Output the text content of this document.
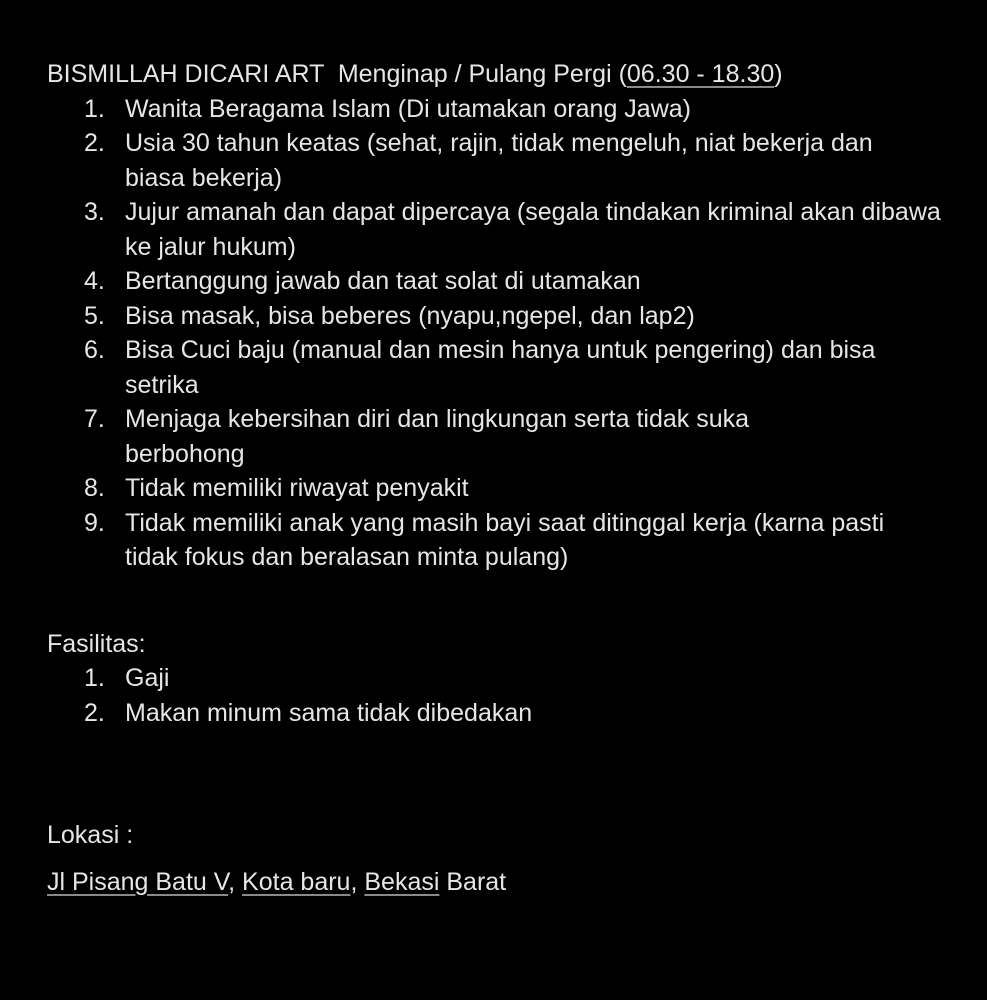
BISMILLAH DICARI ART  Menginap / Pulang Pergi (06.30 - 18.30)
1. Wanita Beragama Islam (Di utamakan orang Jawa)
2. Usia 30 tahun keatas (sehat, rajin, tidak mengeluh, niat bekerja dan biasa bekerja)
3. Jujur amanah dan dapat dipercaya (segala tindakan kriminal akan dibawa ke jalur hukum)
4. Bertanggung jawab dan taat solat di utamakan
5. Bisa masak, bisa beberes (nyapu,ngepel, dan lap2)
6. Bisa Cuci baju (manual dan mesin hanya untuk pengering) dan bisa setrika
7. Menjaga kebersihan diri dan lingkungan serta tidak suka berbohong
8. Tidak memiliki riwayat penyakit
9. Tidak memiliki anak yang masih bayi saat ditinggal kerja (karna pasti tidak fokus dan beralasan minta pulang)
Fasilitas:
1. Gaji
2. Makan minum sama tidak dibedakan
Lokasi :
Jl Pisang Batu V, Kota baru, Bekasi Barat
